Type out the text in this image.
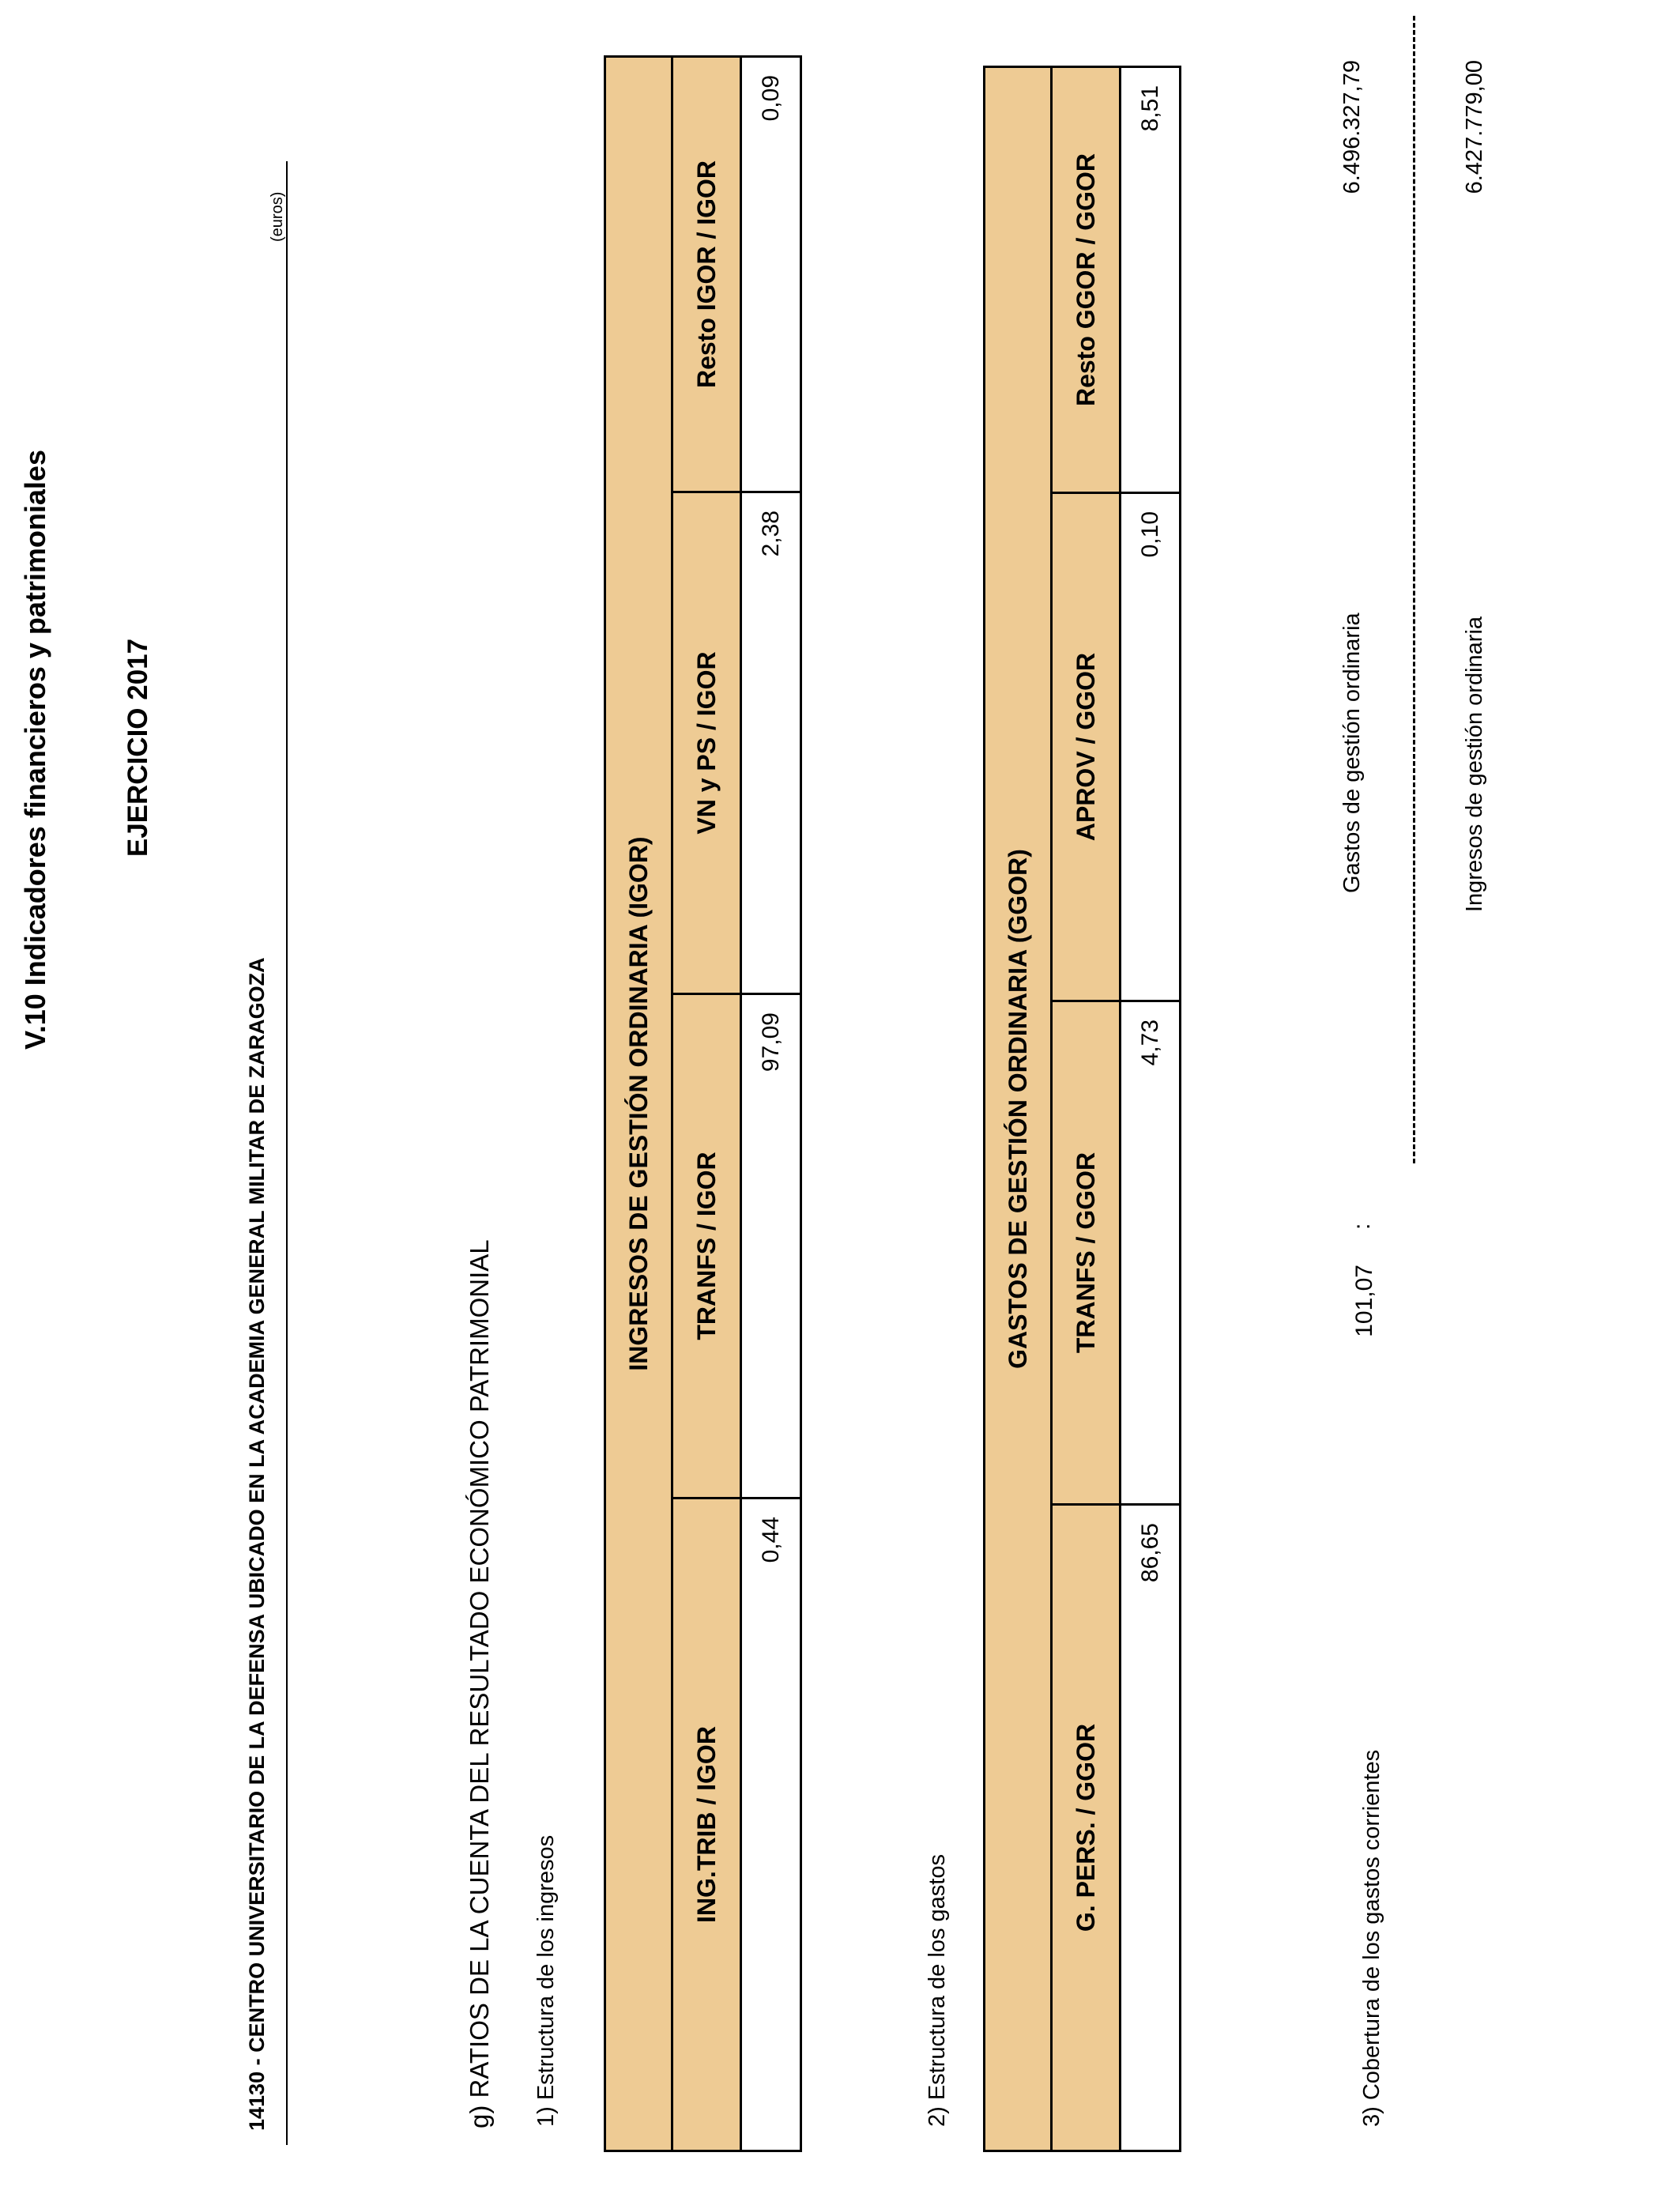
V.10 Indicadores financieros y patrimoniales	EJERCICIO 2017
14130 - CENTRO UNIVERSITARIO DE LA DEFENSA UBICADO EN LA ACADEMIA GENERAL MILITAR DE ZARAGOZA
(euros)
g) RATIOS DE LA CUENTA DEL RESULTADO ECONÓMICO PATRIMONIAL 1) Estructura de los ingresos
INGRESOS DE GESTIÓN ORDINARIA (IGOR)			
ING.TRIB / IGOR	TRANFS / IGOR	VN y PS / IGOR	Resto IGOR / IGOR
0,44	97,09	2,38	0,09
2) Estructura de los gastos
GASTOS DE GESTIÓN ORDINARIA (GGOR)			
G. PERS. / GGOR	TRANFS / GGOR	APROV / GGOR	Resto GGOR / GGOR
86,65	4,73	0,10	8,51
3) Cobertura de los gastos corrientes
101,07
:
Gastos de gestión ordinaria
6.496.327,79
Ingresos de gestión ordinaria
6.427.779,00
